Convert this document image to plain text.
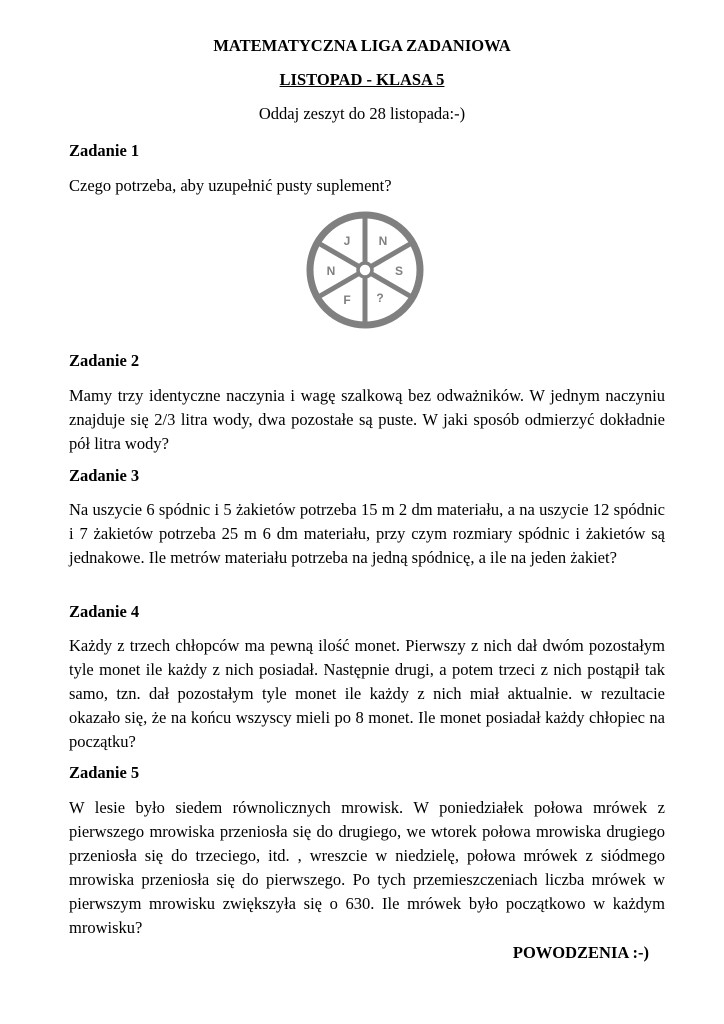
MATEMATYCZNA LIGA ZADANIOWA
LISTOPAD - KLASA 5
Oddaj zeszyt do 28 listopada:-)
Zadanie 1
Czego potrzeba, aby uzupełnić pusty suplement?
J N
S
?
F
N
Zadanie 2
Mamy trzy identyczne naczynia i wagę szalkową bez odważników. W jednym naczyniu znajduje się 2/3 litra wody, dwa pozostałe są puste. W jaki sposób odmierzyć dokładnie pół litra wody?
Zadanie 3
Na uszycie 6 spódnic i 5 żakietów potrzeba 15 m 2 dm materiału, a na uszycie 12 spódnic i 7 żakietów potrzeba 25 m 6 dm materiału, przy czym rozmiary spódnic i żakietów są jednakowe. Ile metrów materiału potrzeba na jedną spódnicę, a ile na jeden żakiet?
Zadanie 4
Każdy z trzech chłopców ma pewną ilość monet. Pierwszy z nich dał dwóm pozostałym tyle monet ile każdy z nich posiadał. Następnie drugi, a potem trzeci z nich postąpił tak samo, tzn. dał pozostałym tyle monet ile każdy z nich miał aktualnie. w rezultacie okazało się, że na końcu wszyscy mieli po 8 monet. Ile monet posiadał każdy chłopiec na początku?
Zadanie 5
W lesie było siedem równolicznych mrowisk. W poniedziałek połowa mrówek z pierwszego mrowiska przeniosła się do drugiego, we wtorek połowa mrowiska drugiego przeniosła się do trzeciego, itd. , wreszcie w niedzielę, połowa mrówek z siódmego mrowiska przeniosła się do pierwszego. Po tych przemieszczeniach liczba mrówek w pierwszym mrowisku zwiększyła się o 630. Ile mrówek było początkowo w każdym mrowisku?
POWODZENIA :-)
